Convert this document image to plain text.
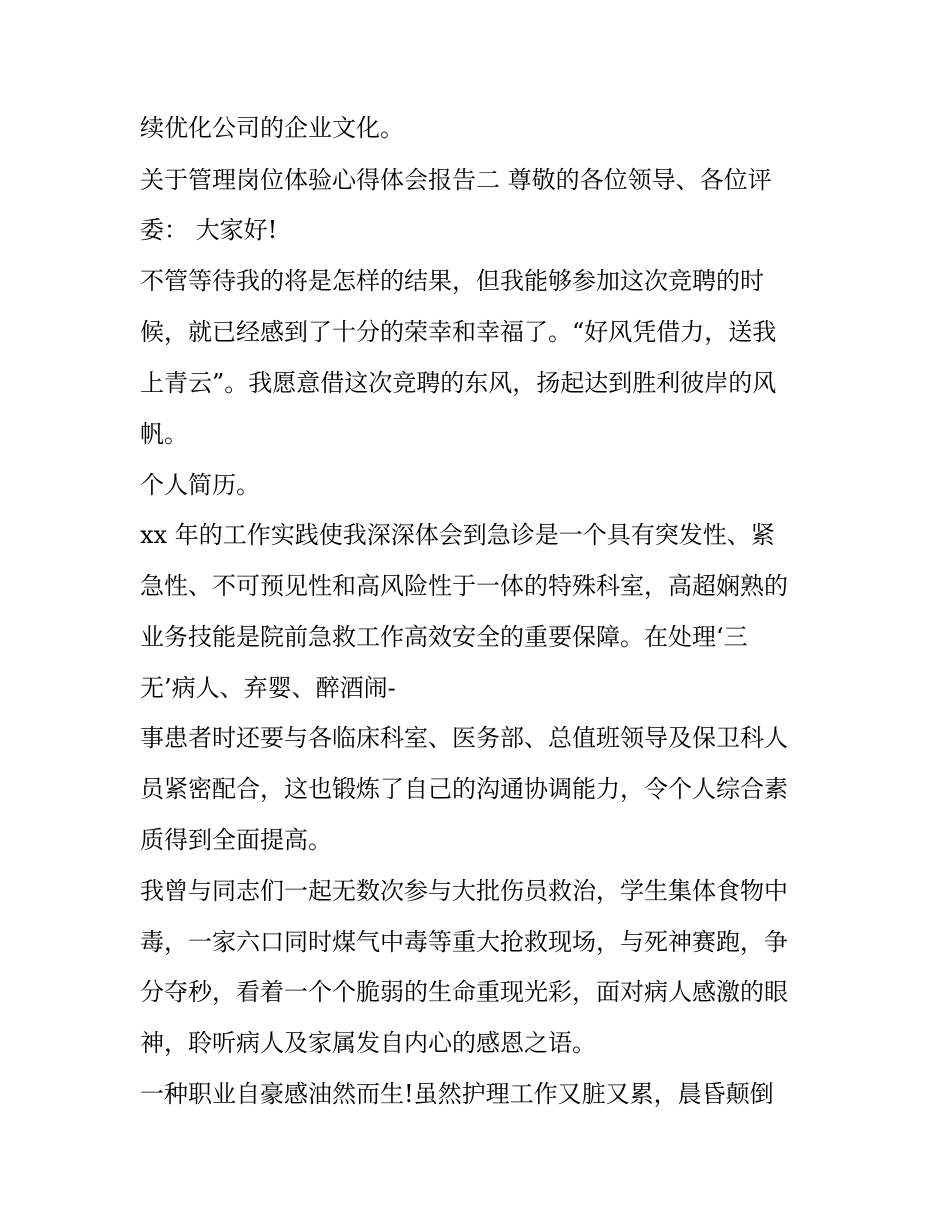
续优化公司的企业文化。

关于管理岗位体验心得体会报告二 尊敬的各位领导、各位评

委： 大家好!

不管等待我的将是怎样的结果，但我能够参加这次竞聘的时

候，就已经感到了十分的荣幸和幸福了。“好风凭借力，送我

上青云”。我愿意借这次竞聘的东风，扬起达到胜利彼岸的风

帆。

个人简历。

xx 年的工作实践使我深深体会到急诊是一个具有突发性、紧

急性、不可预见性和高风险性于一体的特殊科室，高超娴熟的

业务技能是院前急救工作高效安全的重要保障。在处理‘三

无’病人、弃婴、醉酒闹-

事患者时还要与各临床科室、医务部、总值班领导及保卫科人

员紧密配合，这也锻炼了自己的沟通协调能力，令个人综合素

质得到全面提高。

我曾与同志们一起无数次参与大批伤员救治，学生集体食物中

毒，一家六口同时煤气中毒等重大抢救现场，与死神赛跑，争

分夺秒，看着一个个脆弱的生命重现光彩，面对病人感激的眼

神，聆听病人及家属发自内心的感恩之语。

一种职业自豪感油然而生!虽然护理工作又脏又累，晨昏颠倒
